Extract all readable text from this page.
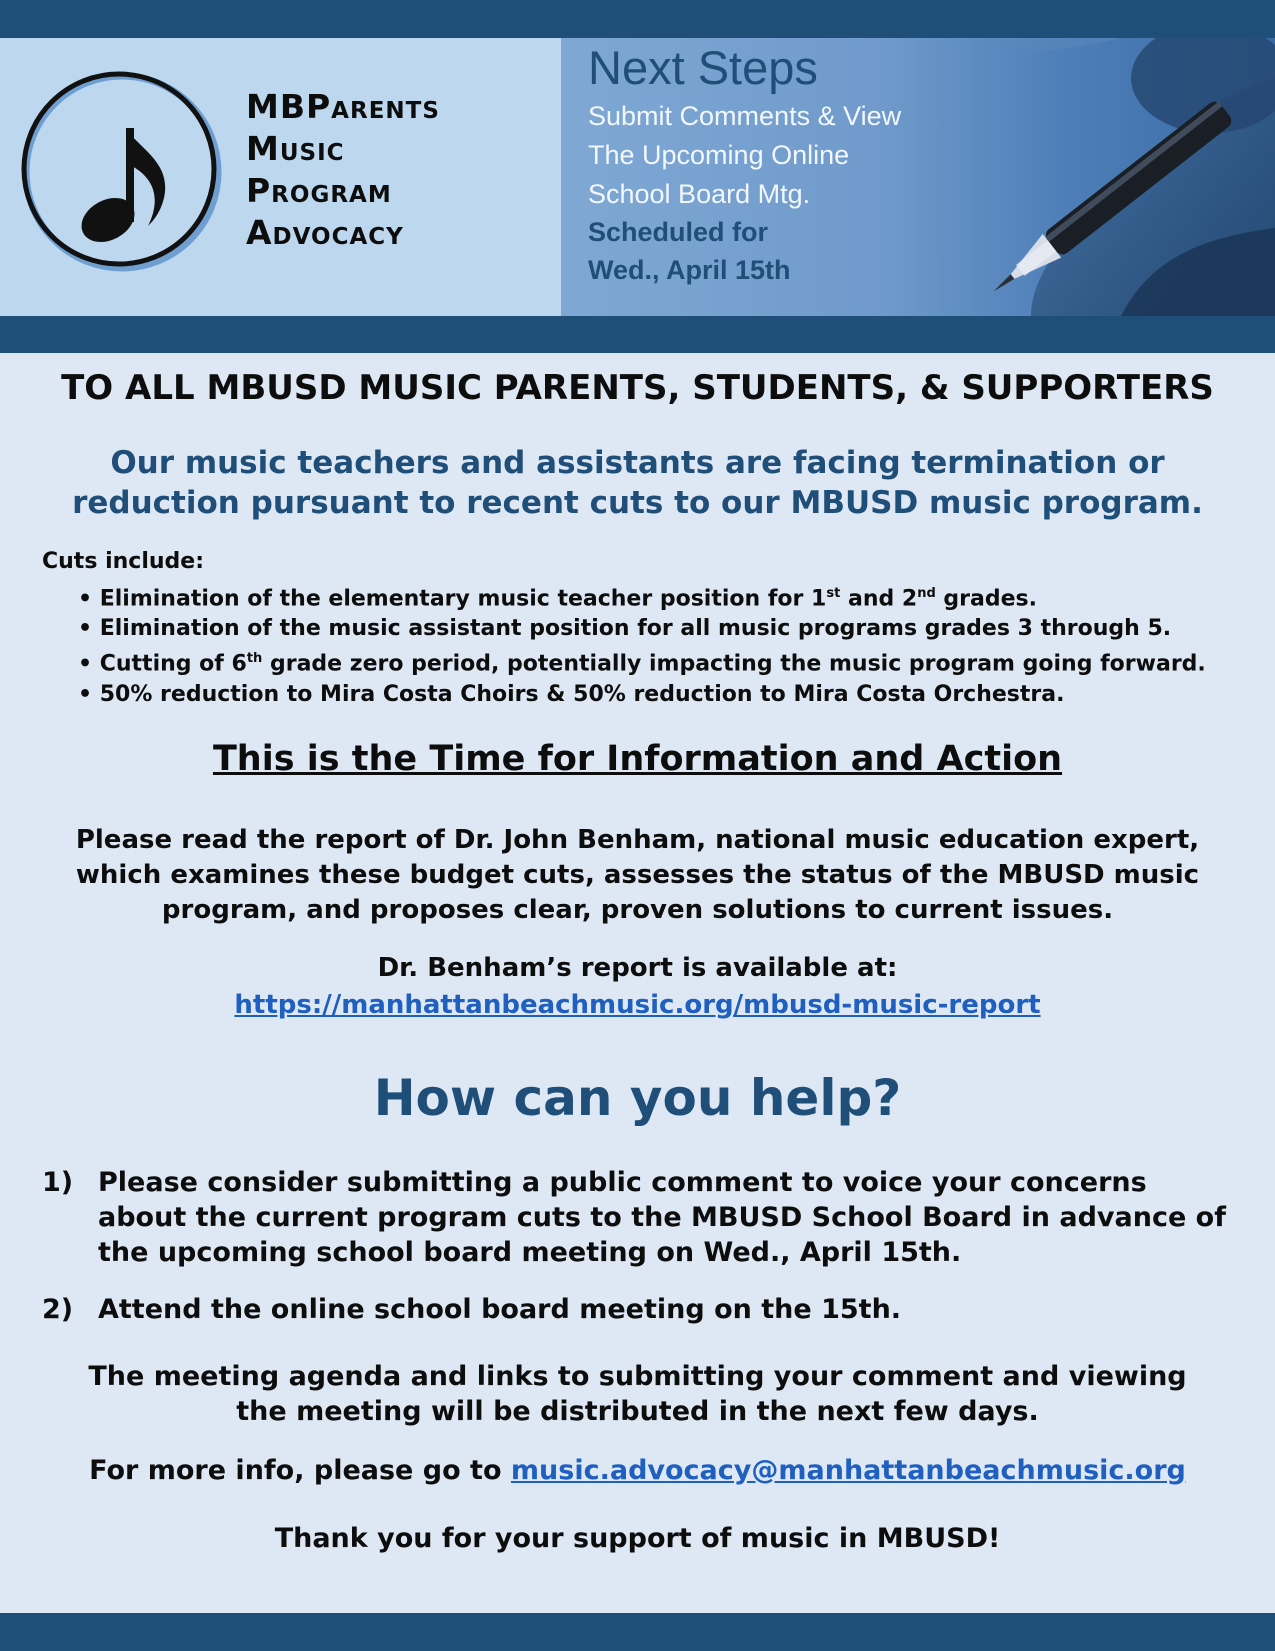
MBParents
Music
Program
Advocacy
Next Steps
Submit Comments & View
The Upcoming Online
School Board Mtg.
Scheduled for
Wed., April 15th
TO ALL MBUSD MUSIC PARENTS, STUDENTS, & SUPPORTERS
Our music teachers and assistants are facing termination or reduction pursuant to recent cuts to our MBUSD music program.
Cuts include:
• Elimination of the elementary music teacher position for 1st and 2nd grades.
• Elimination of the music assistant position for all music programs grades 3 through 5.
• Cutting of 6th grade zero period, potentially impacting the music program going forward.
• 50% reduction to Mira Costa Choirs & 50% reduction to Mira Costa Orchestra.
This is the Time for Information and Action
Please read the report of Dr. John Benham, national music education expert, which examines these budget cuts, assesses the status of the MBUSD music program, and proposes clear, proven solutions to current issues.
Dr. Benham’s report is available at:
https://manhattanbeachmusic.org/mbusd-music-report
How can you help?
1) Please consider submitting a public comment to voice your concerns about the current program cuts to the MBUSD School Board in advance of the upcoming school board meeting on Wed., April 15th.
2) Attend the online school board meeting on the 15th.
The meeting agenda and links to submitting your comment and viewing the meeting will be distributed in the next few days.
For more info, please go to music.advocacy@manhattanbeachmusic.org
Thank you for your support of music in MBUSD!
